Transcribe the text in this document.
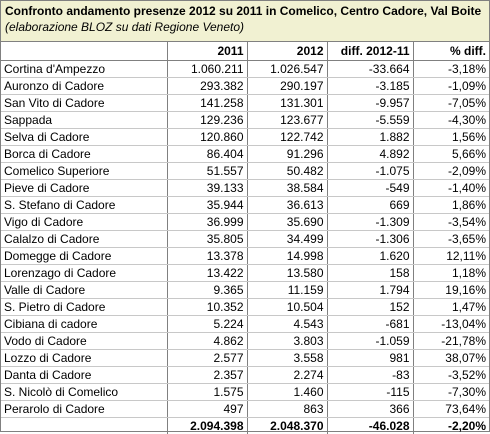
Confronto andamento presenze 2012 su 2011 in Comelico, Centro Cadore, Val Boite (elaborazione BLOZ su dati Regione Veneto)
	2011	2012	diff. 2012-11	% diff.
Cortina d'Ampezzo	1.060.211	1.026.547	-33.664	-3,18%
Auronzo di Cadore	293.382	290.197	-3.185	-1,09%
San Vito di Cadore	141.258	131.301	-9.957	-7,05%
Sappada	129.236	123.677	-5.559	-4,30%
Selva di Cadore	120.860	122.742	1.882	1,56%
Borca di Cadore	86.404	91.296	4.892	5,66%
Comelico Superiore	51.557	50.482	-1.075	-2,09%
Pieve di Cadore	39.133	38.584	-549	-1,40%
S. Stefano di Cadore	35.944	36.613	669	1,86%
Vigo di Cadore	36.999	35.690	-1.309	-3,54%
Calalzo di Cadore	35.805	34.499	-1.306	-3,65%
Domegge di Cadore	13.378	14.998	1.620	12,11%
Lorenzago di Cadore	13.422	13.580	158	1,18%
Valle di Cadore	9.365	11.159	1.794	19,16%
S. Pietro di Cadore	10.352	10.504	152	1,47%
Cibiana di cadore	5.224	4.543	-681	-13,04%
Vodo di Cadore	4.862	3.803	-1.059	-21,78%
Lozzo di Cadore	2.577	3.558	981	38,07%
Danta di Cadore	2.357	2.274	-83	-3,52%
S. Nicolò di Comelico	1.575	1.460	-115	-7,30%
Perarolo di Cadore	497	863	366	73,64%
	2.094.398	2.048.370	-46.028	-2,20%
